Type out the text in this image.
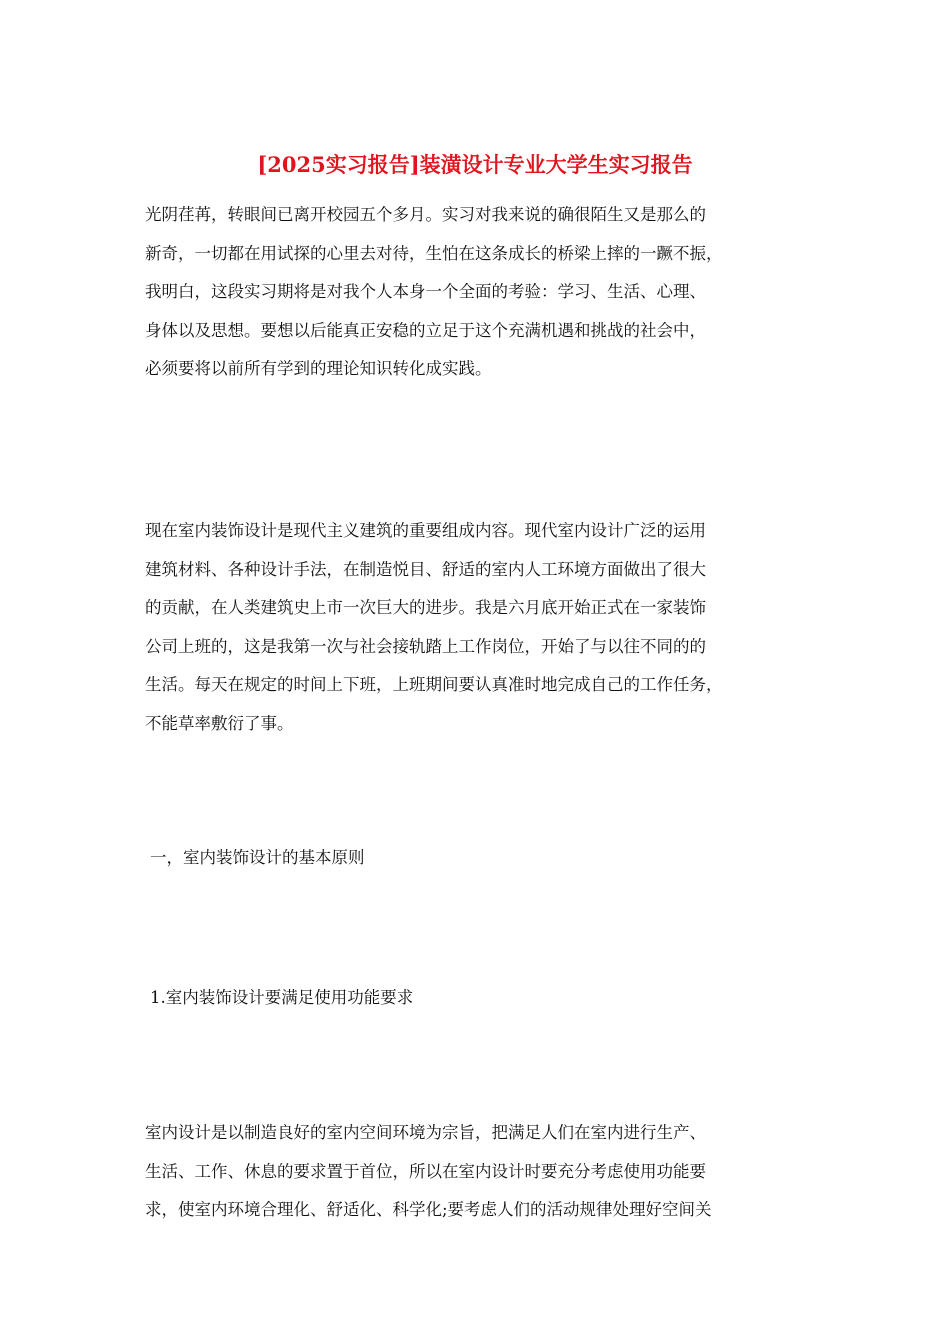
[2025实习报告]装潢设计专业大学生实习报告

光阴荏苒，转眼间已离开校园五个多月。实习对我来说的确很陌生又是那么的
新奇，一切都在用试探的心里去对待，生怕在这条成长的桥梁上摔的一蹶不振，
我明白，这段实习期将是对我个人本身一个全面的考验：学习、生活、心理、
身体以及思想。要想以后能真正安稳的立足于这个充满机遇和挑战的社会中，
必须要将以前所有学到的理论知识转化成实践。

现在室内装饰设计是现代主义建筑的重要组成内容。现代室内设计广泛的运用
建筑材料、各种设计手法，在制造悦目、舒适的室内人工环境方面做出了很大
的贡献，在人类建筑史上市一次巨大的进步。我是六月底开始正式在一家装饰
公司上班的，这是我第一次与社会接轨踏上工作岗位，开始了与以往不同的的
生活。每天在规定的时间上下班，上班期间要认真准时地完成自己的工作任务，
不能草率敷衍了事。

一，室内装饰设计的基本原则
1.室内装饰设计要满足使用功能要求

室内设计是以制造良好的室内空间环境为宗旨，把满足人们在室内进行生产、
生活、工作、休息的要求置于首位，所以在室内设计时要充分考虑使用功能要
求，使室内环境合理化、舒适化、科学化;要考虑人们的活动规律处理好空间关
